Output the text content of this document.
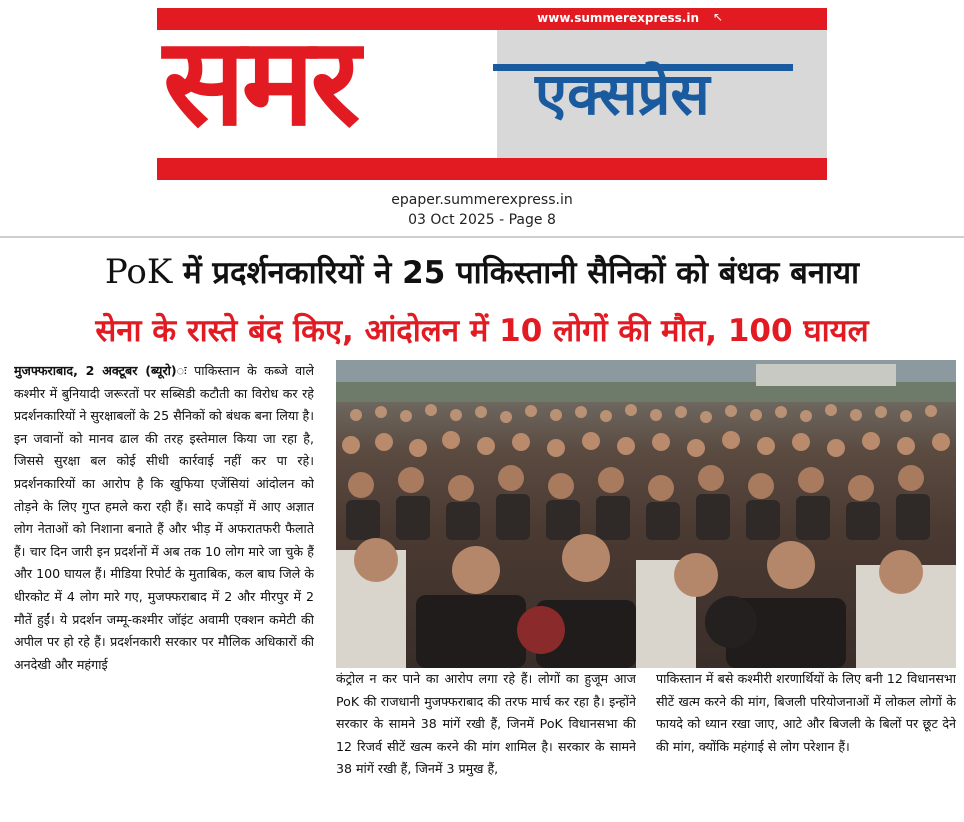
www.summerexpress.in ↖
समर	एक्सप्रेस
epaper.summerexpress.in
03 Oct 2025 - Page 8
PoK में प्रदर्शनकारियों ने 25 पाकिस्तानी सैनिकों को बंधक बनाया
सेना के रास्ते बंद किए, आंदोलन में 10 लोगों की मौत, 100 घायल
मुजफ्फराबाद, 2 अक्टूबर (ब्यूरो)ः पाकिस्तान के कब्जे वाले कश्मीर में बुनियादी जरूरतों पर सब्सिडी कटौती का विरोध कर रहे प्रदर्शनकारियों ने सुरक्षाबलों के 25 सैनिकों को बंधक बना लिया है। इन जवानों को मानव ढाल की तरह इस्तेमाल किया जा रहा है, जिससे सुरक्षा बल कोई सीधी कार्रवाई नहीं कर पा रहे। प्रदर्शनकारियों का आरोप है कि खुफिया एजेंसियां आंदोलन को तोड़ने के लिए गुप्त हमले करा रही हैं। सादे कपड़ों में आए अज्ञात लोग नेताओं को निशाना बनाते हैं और भीड़ में अफरातफरी फैलाते हैं। चार दिन जारी इन प्रदर्शनों में अब तक 10 लोग मारे जा चुके हैं और 100 घायल हैं। मीडिया रिपोर्ट के मुताबिक, कल बाघ जिले के धीरकोट में 4 लोग मारे गए, मुजफ्फराबाद में 2 और मीरपुर में 2 मौतें हुईं। ये प्रदर्शन जम्मू-कश्मीर जॉइंट अवामी एक्शन कमेटी की अपील पर हो रहे हैं। प्रदर्शनकारी सरकार पर मौलिक अधिकारों की अनदेखी और महंगाई
कंट्रोल न कर पाने का आरोप लगा रहे हैं। लोगों का हुजूम आज PoK की राजधानी मुजफ्फराबाद की तरफ मार्च कर रहा है। इन्होंने सरकार के सामने 38 मांगें रखी हैं, जिनमें PoK विधानसभा की 12 रिजर्व सीटें खत्म करने की मांग शामिल है। सरकार के सामने 38 मांगें रखी हैं, जिनमें 3 प्रमुख हैं,
पाकिस्तान में बसे कश्मीरी शरणार्थियों के लिए बनी 12 विधानसभा सीटें खत्म करने की मांग, बिजली परियोजनाओं में लोकल लोगों के फायदे को ध्यान रखा जाए, आटे और बिजली के बिलों पर छूट देने की मांग, क्योंकि महंगाई से लोग परेशान हैं।
